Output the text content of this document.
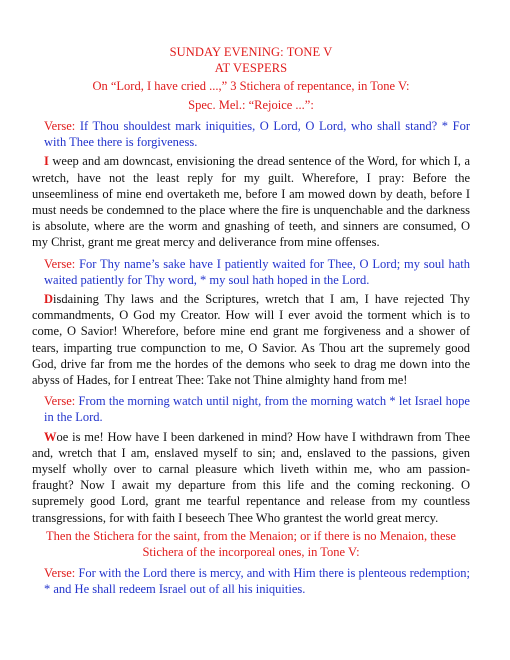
SUNDAY EVENING: TONE V
AT VESPERS
On “Lord, I have cried ...,” 3 Stichera of repentance, in Tone V:
Spec. Mel.: “Rejoice ...”:
Verse: If Thou shouldest mark iniquities, O Lord, O Lord, who shall stand? * For with Thee there is forgiveness.
I weep and am downcast, envisioning the dread sentence of the Word, for which I, a wretch, have not the least reply for my guilt. Wherefore, I pray: Before the unseemliness of mine end overtaketh me, before I am mowed down by death, before I must needs be condemned to the place where the fire is unquenchable and the darkness is absolute, where are the worm and gnashing of teeth, and sinners are consumed, O my Christ, grant me great mercy and deliverance from mine offenses.
Verse: For Thy name’s sake have I patiently waited for Thee, O Lord; my soul hath waited patiently for Thy word, * my soul hath hoped in the Lord.
Disdaining Thy laws and the Scriptures, wretch that I am, I have rejected Thy commandments, O God my Creator. How will I ever avoid the torment which is to come, O Savior! Wherefore, before mine end grant me forgiveness and a shower of tears, imparting true compunction to me, O Savior. As Thou art the supremely good God, drive far from me the hordes of the demons who seek to drag me down into the abyss of Hades, for I entreat Thee: Take not Thine almighty hand from me!
Verse: From the morning watch until night, from the morning watch * let Israel hope in the Lord.
Woe is me! How have I been darkened in mind? How have I withdrawn from Thee and, wretch that I am, enslaved myself to sin; and, enslaved to the passions, given myself wholly over to carnal pleasure which liveth within me, who am passion-fraught? Now I await my departure from this life and the coming reckoning. O supremely good Lord, grant me tearful repentance and release from my countless transgressions, for with faith I beseech Thee Who grantest the world great mercy.
Then the Stichera for the saint, from the Menaion; or if there is no Menaion, these Stichera of the incorporeal ones, in Tone V:
Verse: For with the Lord there is mercy, and with Him there is plenteous redemption; * and He shall redeem Israel out of all his iniquities.
